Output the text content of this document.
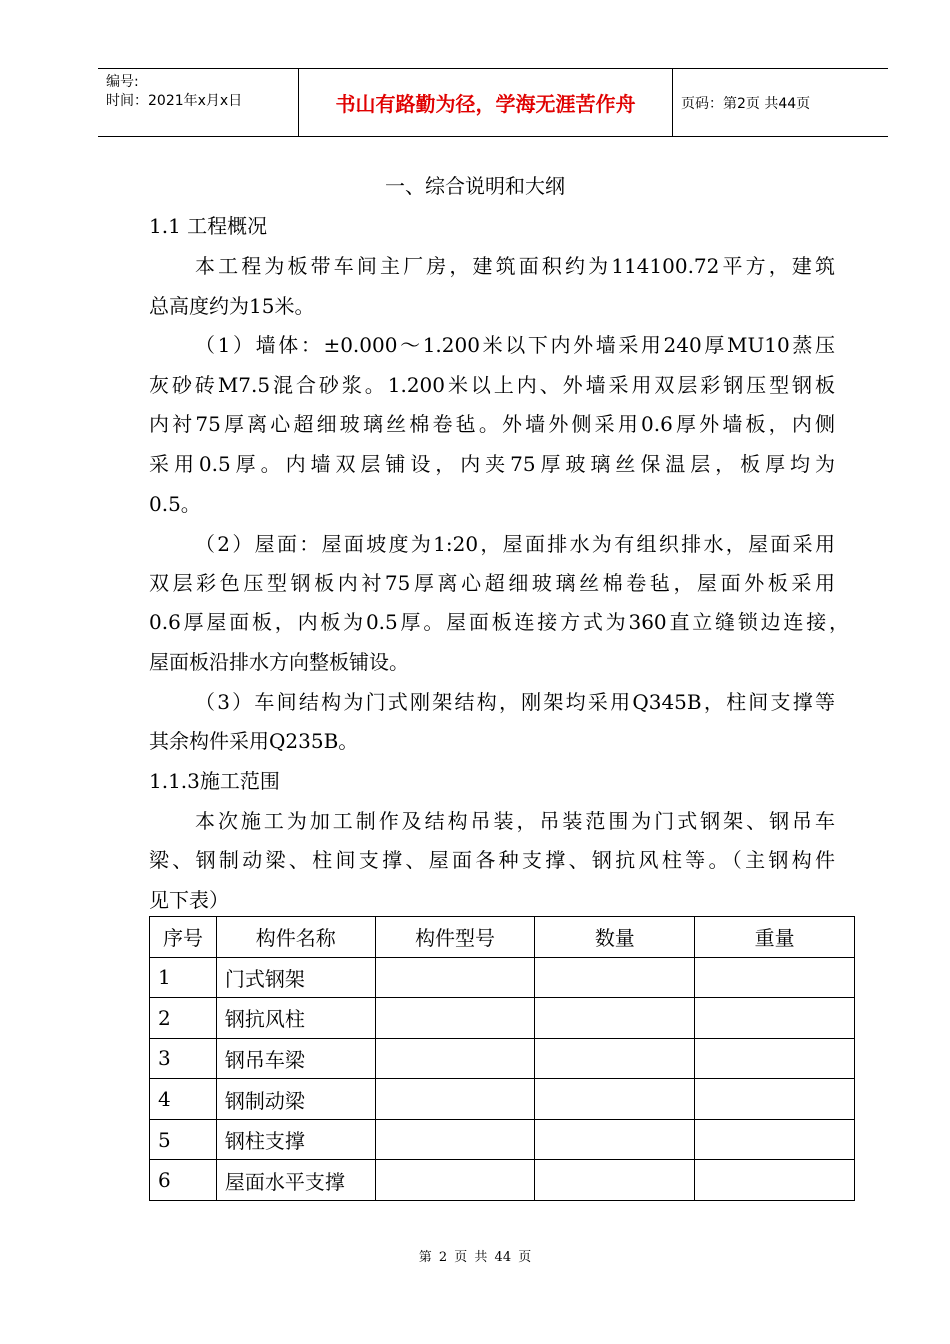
编号:
时间：2021年x月x日	书山有路勤为径，学海无涯苦作舟	页码：第2页 共44页
一、综合说明和大纲
1.1 工程概况
本工程为板带车间主厂房，建筑面积约为114100.72平方，建筑
总高度约为15米。
（1）墙体：±0.000～1.200米以下内外墙采用240厚MU10蒸压
灰砂砖M7.5混合砂浆。1.200米以上内、外墙采用双层彩钢压型钢板
内衬75厚离心超细玻璃丝棉卷毡。外墙外侧采用0.6厚外墙板，内侧
采用0.5厚。内墙双层铺设，内夹75厚玻璃丝保温层，板厚均为
0.5。
（2）屋面：屋面坡度为1:20，屋面排水为有组织排水，屋面采用
双层彩色压型钢板内衬75厚离心超细玻璃丝棉卷毡，屋面外板采用
0.6厚屋面板，内板为0.5厚。屋面板连接方式为360直立缝锁边连接，
屋面板沿排水方向整板铺设。
（3）车间结构为门式刚架结构，刚架均采用Q345B，柱间支撑等
其余构件采用Q235B。
1.1.3施工范围
本次施工为加工制作及结构吊装，吊装范围为门式钢架、钢吊车
梁、钢制动梁、柱间支撑、屋面各种支撑、钢抗风柱等。（主钢构件
见下表）
序号	构件名称	构件型号	数量	重量
1	门式钢架			
2	钢抗风柱			
3	钢吊车梁			
4	钢制动梁			
5	钢柱支撑			
6	屋面水平支撑			
第 2 页 共 44 页
